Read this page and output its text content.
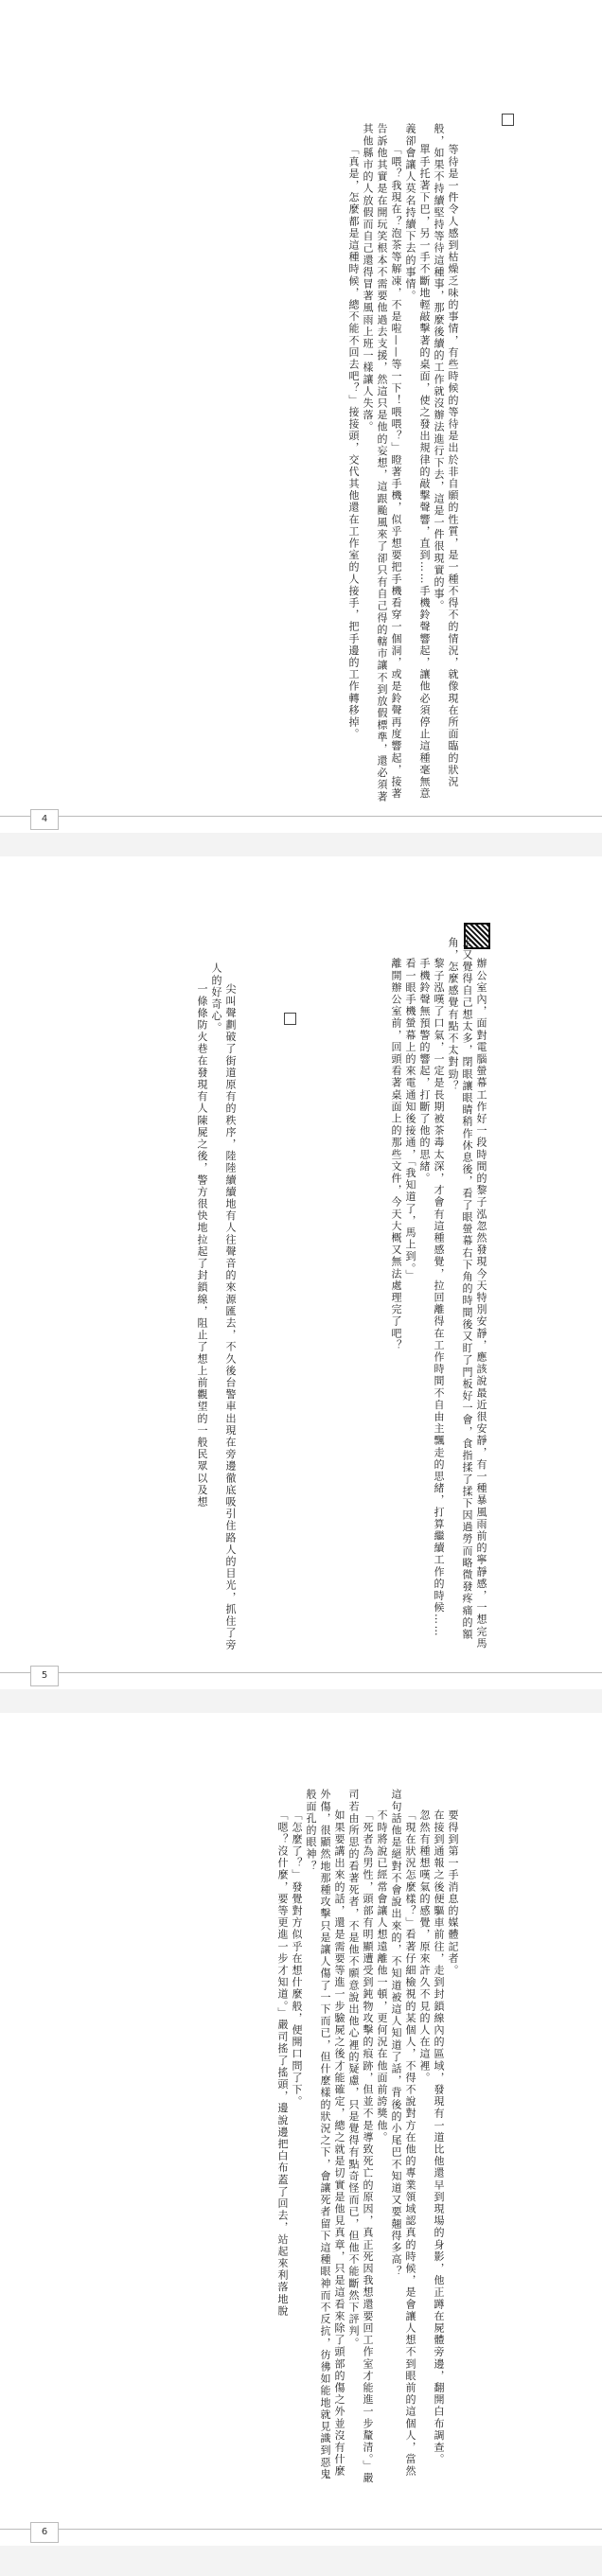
等待是一件令人感到枯燥乏味的事情，有些時候的等待是出於非自願的性質，是一種不得不的情況，就像現在所面臨的狀況般，如果不持續堅持等待這種事，那麼後續的工作就沒辦法進行下去，這是一件很現實的事。

單手托著下巴，另一手不斷地輕敲擊著的桌面，使之發出規律的敲擊聲響，直到……手機鈴聲響起，讓他必須停止這種毫無意義卻會讓人莫名持續下去的事情。

「喂？我現在？泡茶等解凍，不是啦——等一下！喂喂？」瞪著手機，似乎想要把手機看穿一個洞，或是鈴聲再度響起，接著告訴他其實是在開玩笑根本不需要他過去支援，然這只是他的妄想，這跟颱風來了卻只有自己得的轄市讓不到放假標準，還必須著其他縣市的人放假而自己還得冒著風雨上班一樣讓人失落。

「真是，怎麼都是這種時候，總不能不回去吧？」接接頭，交代其他還在工作室的人接手，把手邊的工作轉移掉。

4

辦公室內，面對電腦螢幕工作好一段時間的黎子泓忽然發現今天特別安靜，應該說最近很安靜，有一種暴風雨前的寧靜感，一想完馬上又覺得自己想太多，閉眼讓眼睛稍作休息後，看了眼螢幕右下角的時間後又盯了門板好一會，食指揉了揉下因過勞而略微發疼痛的額角，怎麼感覺有點不太對勁？

黎子泓嘆了口氣，一定是長期被茶毒太深，才會有這種感覺，拉回離得在工作時間不自由主飄走的思緒，打算繼續工作的時候……

手機鈴聲無預警的響起，打斷了他的思緒。

看一眼手機螢幕上的來電通知後接通，「我知道了，馬上到。」

離開辦公室前，回頭看著桌面上的那些文件，今天大概又無法處理完了吧？

尖叫聲劃破了街道原有的秩序，陸陸續續地有人往聲音的來源匯去，不久後台警車出現在旁邊徹底吸引住路人的目光，抓住了旁人的好奇心。

一條條防火巷在發現有人陳屍之後，警方很快地拉起了封鎖線，阻止了想上前觀望的一般民眾以及想

5

要得到第一手消息的媒體記者。

在接到通報之後便驅車前往，走到封鎖線內的區域，發現有一道比他還早到現場的身影，他正蹲在屍體旁邊，翻開白布調查。

忽然有種想嘆氣的感覺，原來許久不見的人在這裡。

「現在狀況怎麼樣？」看著仔細檢視的某個人，不得不說對方在他的專業領域認真的時候，是會讓人想不到眼前的這個人，當然這句話他是絕對不會說出來的，不知道被這人知道了話，背後的小尾巴不知道又要翹得多高？

不時將說已經常會讓人想遠離他一頓，更何況在他面前誇獎他。

「死者為男性，頭部有明顯遭受到鈍物攻擊的痕跡，但並不是導致死亡的原因，真正死因我想還要回工作室才能進一步釐清。」嚴司若由所思的看著死者，不是他不願意說出他心裡的疑慮，只是覺得有點奇怪而已，但他不能斷然下評判。

如果要講出來的話，還是需要等進一步驗屍之後才能確定，總之就是切實是他見真章，只是這看來除了頭部的傷之外並沒有什麼外傷，很顯然地那種攻擊只是讓人傷了一下而已，但什麼樣的狀況之下，會讓死者留下這種眼神而不反抗，彷彿如能地就見識到惡鬼般面孔的眼神？

「怎麼了？」發覺對方似乎在想什麼般，便開口問了下。

「嗯？沒什麼，要等更進一步才知道。」嚴司搖了搖頭，邊說邊把白布蓋了回去，站起來利落地脫

6
